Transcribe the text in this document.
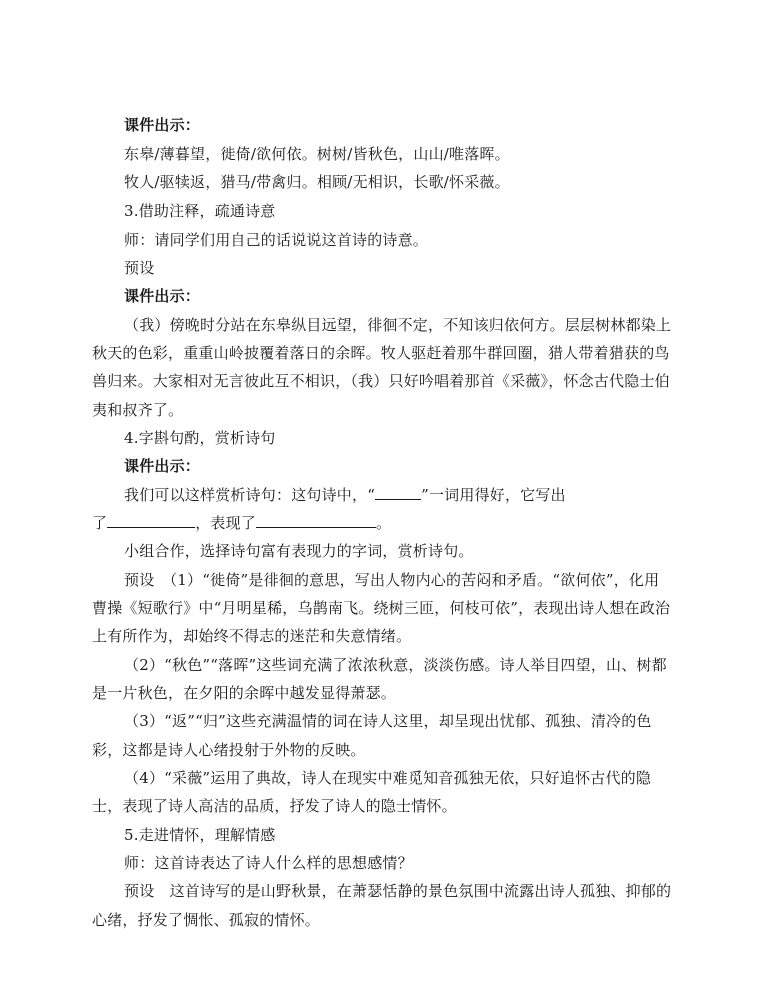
课件出示：
东皋/薄暮望，徙倚/欲何依。树树/皆秋色，山山/唯落晖。
牧人/驱犊返，猎马/带禽归。相顾/无相识，长歌/怀采薇。
3.借助注释，疏通诗意
师：请同学们用自己的话说说这首诗的诗意。
预设
课件出示：
（我）傍晚时分站在东皋纵目远望，徘徊不定，不知该归依何方。层层树林都染上
秋天的色彩，重重山岭披覆着落日的余晖。牧人驱赶着那牛群回圈，猎人带着猎获的鸟
兽归来。大家相对无言彼此互不相识，（我）只好吟唱着那首《采薇》，怀念古代隐士伯
夷和叔齐了。
4.字斟句酌，赏析诗句
课件出示：
我们可以这样赏析诗句：这句诗中，“	”一词用得好，它写出
了	，表现了	。
小组合作，选择诗句富有表现力的字词，赏析诗句。
预设　（1）“徙倚”是徘徊的意思，写出人物内心的苦闷和矛盾。“欲何依”，化用
曹操《短歌行》中“月明星稀，乌鹊南飞。绕树三匝，何枝可依”，表现出诗人想在政治
上有所作为，却始终不得志的迷茫和失意情绪。
（2）“秋色”“落晖”这些词充满了浓浓秋意，淡淡伤感。诗人举目四望，山、树都
是一片秋色，在夕阳的余晖中越发显得萧瑟。
（3）“返”“归”这些充满温情的词在诗人这里，却呈现出忧郁、孤独、清冷的色
彩，这都是诗人心绪投射于外物的反映。
（4）“采薇”运用了典故，诗人在现实中难觅知音孤独无依，只好追怀古代的隐
士，表现了诗人高洁的品质，抒发了诗人的隐士情怀。
5.走进情怀，理解情感
师：这首诗表达了诗人什么样的思想感情？
预设　这首诗写的是山野秋景，在萧瑟恬静的景色氛围中流露出诗人孤独、抑郁的
心绪，抒发了惆怅、孤寂的情怀。
